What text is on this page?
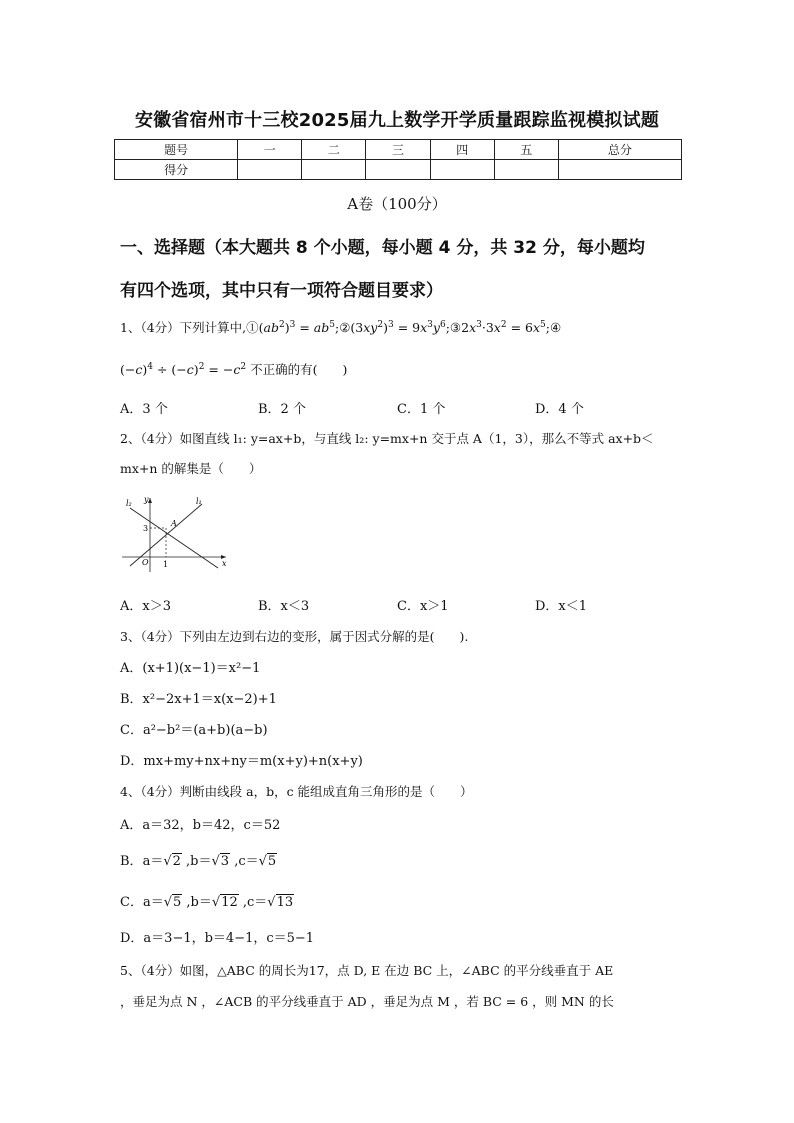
安徽省宿州市十三校2025届九上数学开学质量跟踪监视模拟试题
题号	一	二	三	四	五	总分
得分						
A卷（100分）
一、选择题（本大题共 8 个小题，每小题 4 分，共 32 分，每小题均
有四个选项，其中只有一项符合题目要求）
1、（4分）下列计算中$,①(ab^2)^3$ = $ab^5;②(3xy^2)^3$ = $9x^3y^6;③2x^3\cdot 3x^2$ = $6x^5;④$
$(-c)^4 \div (-c)^2 = -c^2$ 不正确的有(　　)
A．3 个	B．2 个	C．1 个	D．4 个
2、（4分）如图直线 l₁: y=ax+b，与直线 l₂: y=mx+n 交于点 A（1，3），那么不等式 ax+b＜
mx+n 的解集是（　　）
l₂	l₁
y
x
A
3
1
O
A．x＞3	B．x＜3	C．x＞1	D．x＜1
3、（4分）下列由左边到右边的变形，属于因式分解的是(　　).
A．(x+1)(x−1)＝x²−1
B．x²−2x+1＝x(x−2)+1
C．a²−b²＝(a+b)(a−b)
D．mx+my+nx+ny＝m(x+y)+n(x+y)
4、（4分）判断由线段 a，b，c 能组成直角三角形的是（　　）
A．a＝32，b＝42，c＝52
B．a＝√2 ,b＝√3 ,c＝√5
C．a＝√5 ,b＝√12 ,c＝√13
D．a＝3−1，b＝4−1，c＝5−1
5、（4分）如图，△ABC 的周长为17，点 D, E 在边 BC 上，∠ABC 的平分线垂直于 AE
，垂足为点 N ，∠ACB 的平分线垂直于 AD ，垂足为点 M ，若 BC = 6 ，则 MN 的长
